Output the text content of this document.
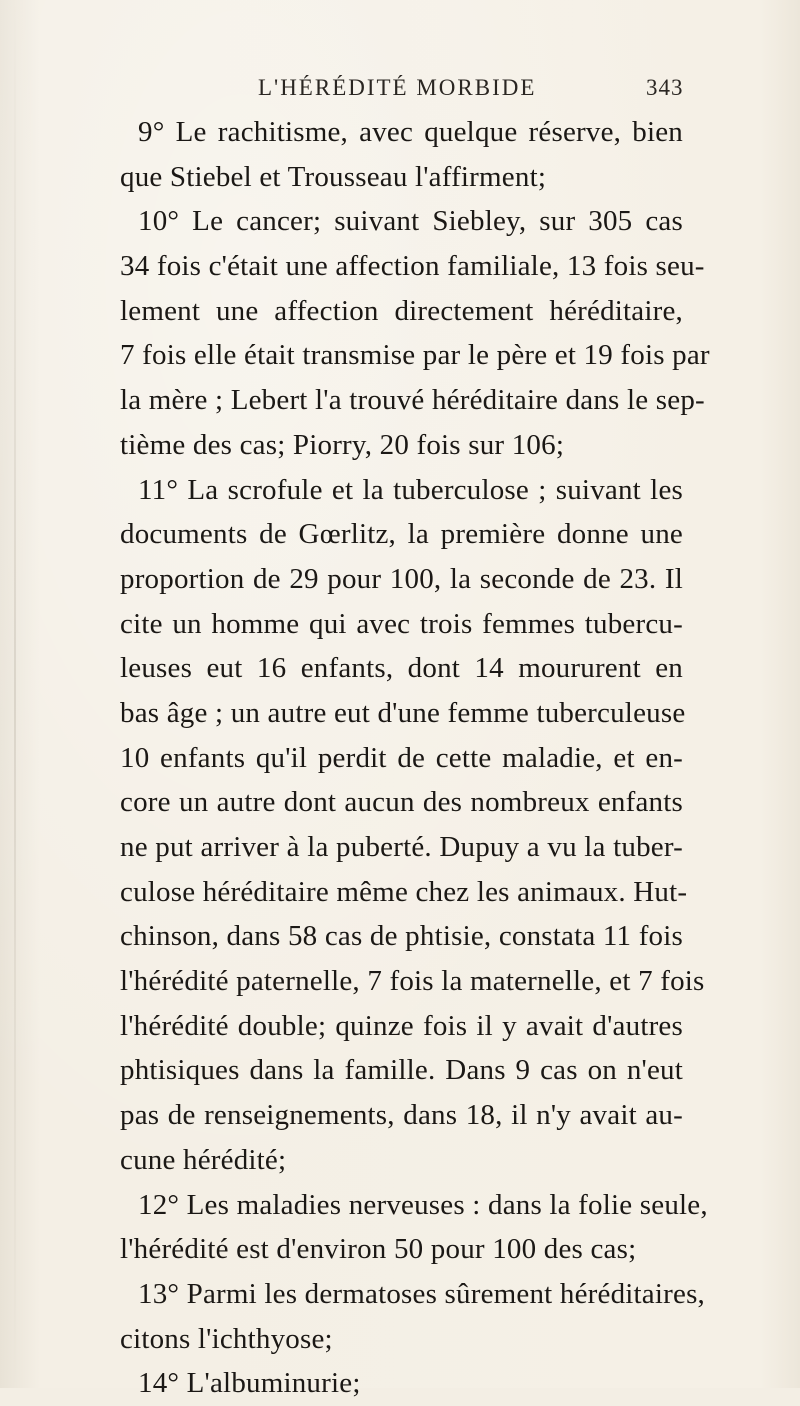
L'HÉRÉDITÉ MORBIDE	343
9° Le rachitisme, avec quelque réserve, bien
que Stiebel et Trousseau l'affirment;
10° Le cancer; suivant Siebley, sur 305 cas
34 fois c'était une affection familiale, 13 fois seu-
lement une affection directement héréditaire,
7 fois elle était transmise par le père et 19 fois par
la mère ; Lebert l'a trouvé héréditaire dans le sep-
tième des cas; Piorry, 20 fois sur 106;
11° La scrofule et la tuberculose ; suivant les
documents de Gœrlitz, la première donne une
proportion de 29 pour 100, la seconde de 23. Il
cite un homme qui avec trois femmes tubercu-
leuses eut 16 enfants, dont 14 moururent en
bas âge ; un autre eut d'une femme tuberculeuse
10 enfants qu'il perdit de cette maladie, et en-
core un autre dont aucun des nombreux enfants
ne put arriver à la puberté. Dupuy a vu la tuber-
culose héréditaire même chez les animaux. Hut-
chinson, dans 58 cas de phtisie, constata 11 fois
l'hérédité paternelle, 7 fois la maternelle, et 7 fois
l'hérédité double; quinze fois il y avait d'autres
phtisiques dans la famille. Dans 9 cas on n'eut
pas de renseignements, dans 18, il n'y avait au-
cune hérédité;
12° Les maladies nerveuses : dans la folie seule,
l'hérédité est d'environ 50 pour 100 des cas;
13° Parmi les dermatoses sûrement héréditaires,
citons l'ichthyose;
14° L'albuminurie;
